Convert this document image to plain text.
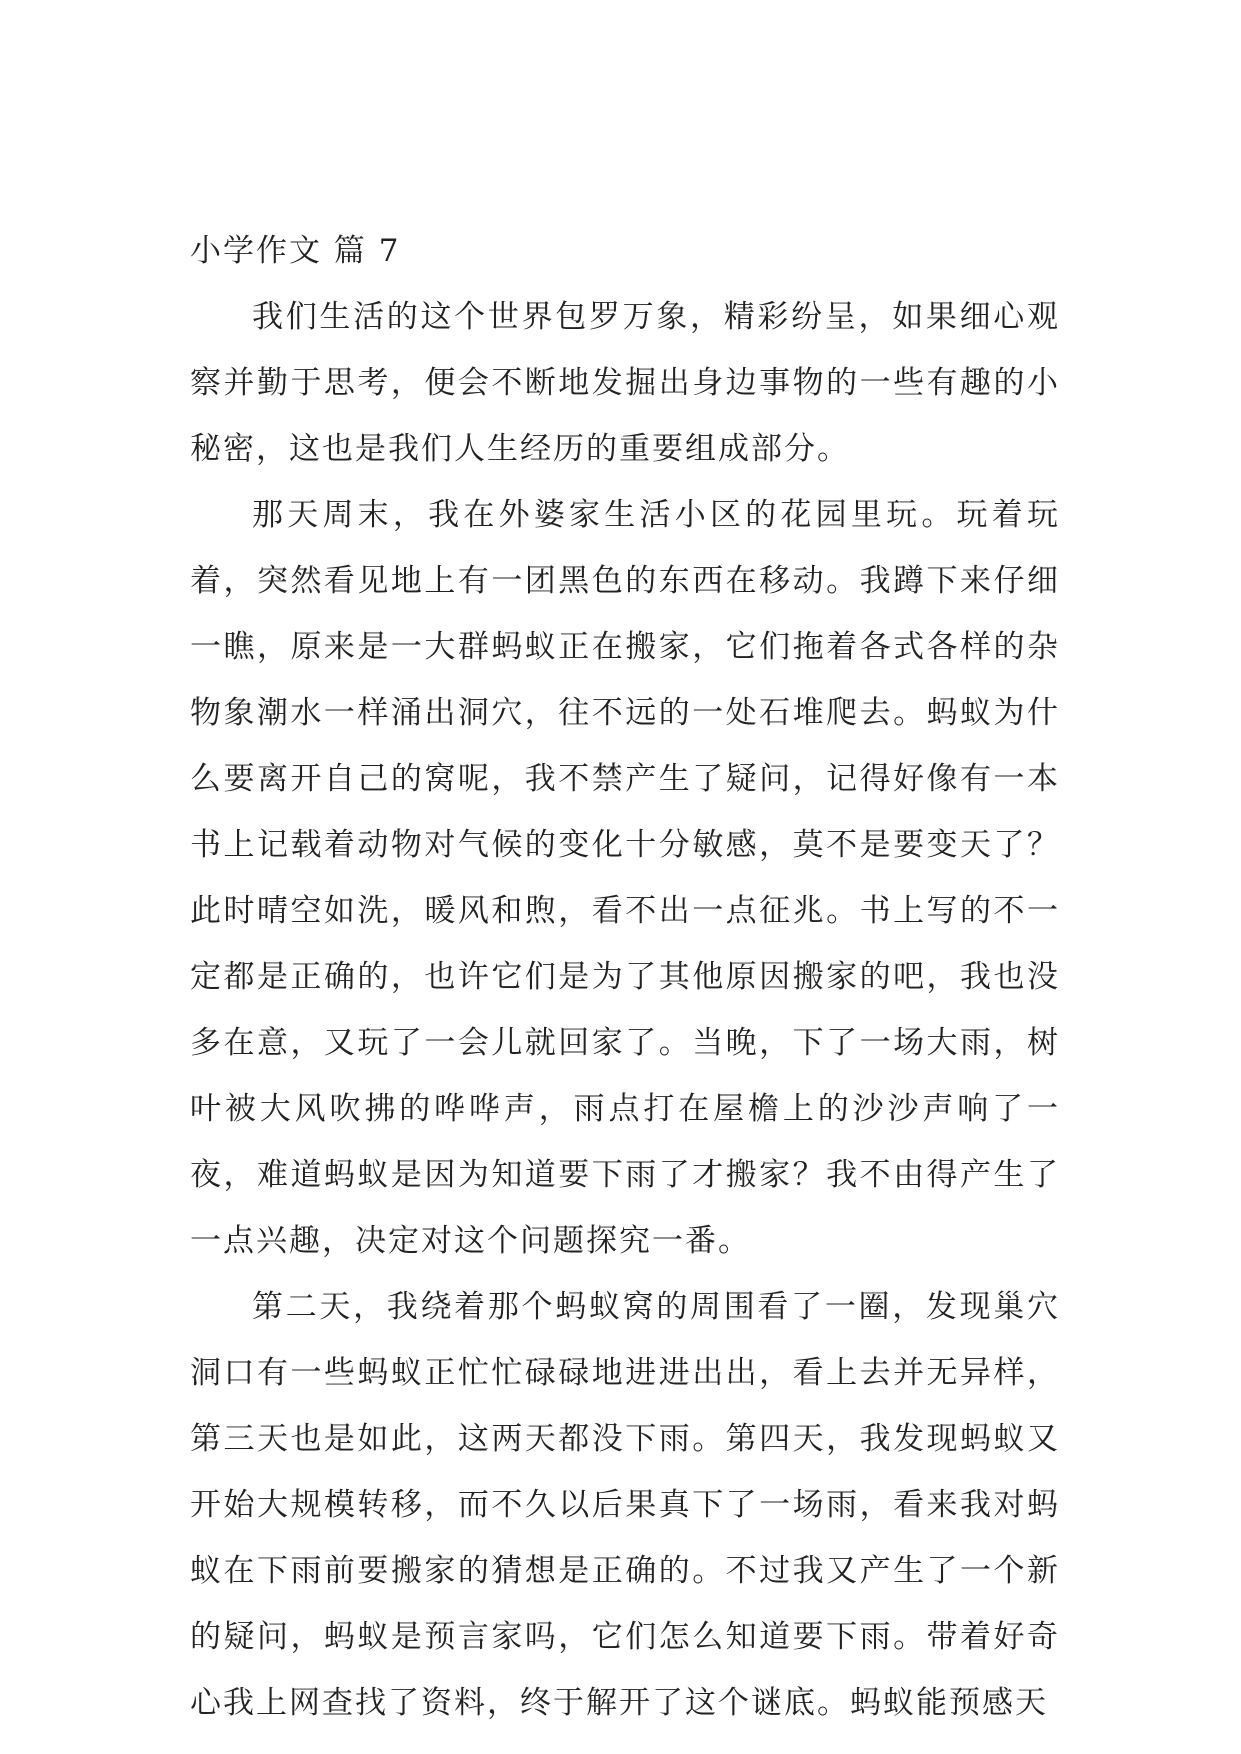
小学作文 篇 7

我们生活的这个世界包罗万象，精彩纷呈，如果细心观察并勤于思考，便会不断地发掘出身边事物的一些有趣的小秘密，这也是我们人生经历的重要组成部分。

那天周末，我在外婆家生活小区的花园里玩。玩着玩着，突然看见地上有一团黑色的东西在移动。我蹲下来仔细一瞧，原来是一大群蚂蚁正在搬家，它们拖着各式各样的杂物象潮水一样涌出洞穴，往不远的一处石堆爬去。蚂蚁为什么要离开自己的窝呢，我不禁产生了疑问，记得好像有一本书上记载着动物对气候的变化十分敏感，莫不是要变天了？此时晴空如洗，暖风和煦，看不出一点征兆。书上写的不一定都是正确的，也许它们是为了其他原因搬家的吧，我也没多在意，又玩了一会儿就回家了。当晚，下了一场大雨，树叶被大风吹拂的哗哗声，雨点打在屋檐上的沙沙声响了一夜，难道蚂蚁是因为知道要下雨了才搬家？我不由得产生了一点兴趣，决定对这个问题探究一番。

第二天，我绕着那个蚂蚁窝的周围看了一圈，发现巢穴洞口有一些蚂蚁正忙忙碌碌地进进出出，看上去并无异样，第三天也是如此，这两天都没下雨。第四天，我发现蚂蚁又开始大规模转移，而不久以后果真下了一场雨，看来我对蚂蚁在下雨前要搬家的猜想是正确的。不过我又产生了一个新的疑问，蚂蚁是预言家吗，它们怎么知道要下雨。带着好奇心我上网查找了资料，终于解开了这个谜底。蚂蚁能预感天
